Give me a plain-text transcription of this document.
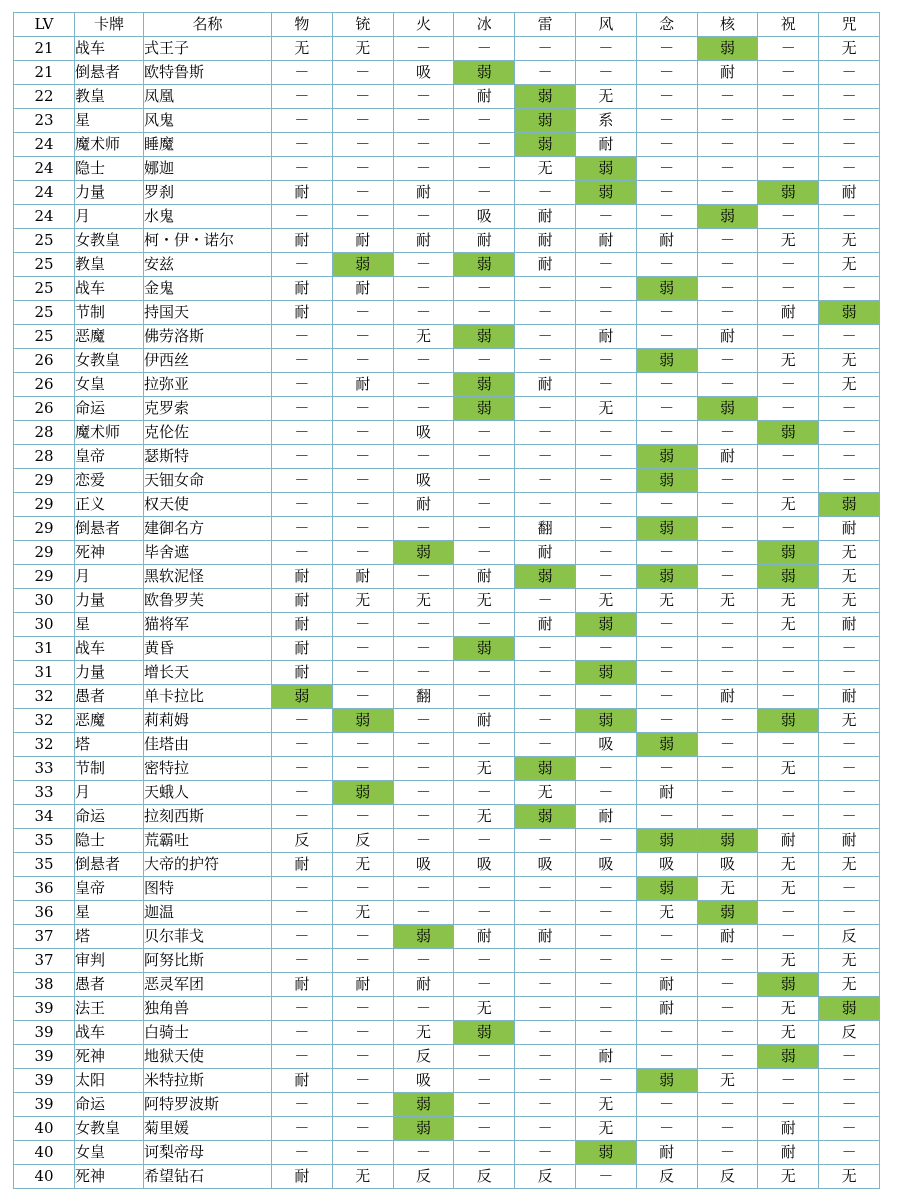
LV	卡牌	名称	物	铳	火	冰	雷	风	念	核	祝	咒
21	战车	式王子	无	无	－	－	－	－	－	弱	－	无
21	倒悬者	欧特鲁斯	－	－	吸	弱	－	－	－	耐	－	－
22	教皇	凤凰	－	－	－	耐	弱	无	－	－	－	－
23	星	风鬼	－	－	－	－	弱	系	－	－	－	－
24	魔术师	睡魔	－	－	－	－	弱	耐	－	－	－	－
24	隐士	娜迦	－	－	－	－	无	弱	－	－	－	－
24	力量	罗刹	耐	－	耐	－	－	弱	－	－	弱	耐
24	月	水鬼	－	－	－	吸	耐	－	－	弱	－	－
25	女教皇	柯・伊・诺尔	耐	耐	耐	耐	耐	耐	耐	－	无	无
25	教皇	安兹	－	弱	－	弱	耐	－	－	－	－	无
25	战车	金鬼	耐	耐	－	－	－	－	弱	－	－	－
25	节制	持国天	耐	－	－	－	－	－	－	－	耐	弱
25	恶魔	佛劳洛斯	－	－	无	弱	－	耐	－	耐	－	－
26	女教皇	伊西丝	－	－	－	－	－	－	弱	－	无	无
26	女皇	拉弥亚	－	耐	－	弱	耐	－	－	－	－	无
26	命运	克罗索	－	－	－	弱	－	无	－	弱	－	－
28	魔术师	克伦佐	－	－	吸	－	－	－	－	－	弱	－
28	皇帝	瑟斯特	－	－	－	－	－	－	弱	耐	－	－
29	恋爱	天钿女命	－	－	吸	－	－	－	弱	－	－	－
29	正义	权天使	－	－	耐	－	－	－	－	－	无	弱
29	倒悬者	建御名方	－	－	－	－	翻	－	弱	－	－	耐
29	死神	毕舍遮	－	－	弱	－	耐	－	－	－	弱	无
29	月	黑软泥怪	耐	耐	－	耐	弱	－	弱	－	弱	无
30	力量	欧鲁罗芙	耐	无	无	无	－	无	无	无	无	无
30	星	猫将军	耐	－	－	－	耐	弱	－	－	无	耐
31	战车	黄昏	耐	－	－	弱	－	－	－	－	－	－
31	力量	增长天	耐	－	－	－	－	弱	－	－	－	－
32	愚者	单卡拉比	弱	－	翻	－	－	－	－	耐	－	耐
32	恶魔	莉莉姆	－	弱	－	耐	－	弱	－	－	弱	无
32	塔	佳塔由	－	－	－	－	－	吸	弱	－	－	－
33	节制	密特拉	－	－	－	无	弱	－	－	－	无	－
33	月	天蛾人	－	弱	－	－	无	－	耐	－	－	－
34	命运	拉刻西斯	－	－	－	无	弱	耐	－	－	－	－
35	隐士	荒霸吐	反	反	－	－	－	－	弱	弱	耐	耐
35	倒悬者	大帝的护符	耐	无	吸	吸	吸	吸	吸	吸	无	无
36	皇帝	图特	－	－	－	－	－	－	弱	无	无	－
36	星	迦温	－	无	－	－	－	－	无	弱	－	－
37	塔	贝尔菲戈	－	－	弱	耐	耐	－	－	耐	－	反
37	审判	阿努比斯	－	－	－	－	－	－	－	－	无	无
38	愚者	恶灵军团	耐	耐	耐	－	－	－	耐	－	弱	无
39	法王	独角兽	－	－	－	无	－	－	耐	－	无	弱
39	战车	白骑士	－	－	无	弱	－	－	－	－	无	反
39	死神	地狱天使	－	－	反	－	－	耐	－	－	弱	－
39	太阳	米特拉斯	耐	－	吸	－	－	－	弱	无	－	－
39	命运	阿特罗波斯	－	－	弱	－	－	无	－	－	－	－
40	女教皇	菊里媛	－	－	弱	－	－	无	－	－	耐	－
40	女皇	诃梨帝母	－	－	－	－	－	弱	耐	－	耐	－
40	死神	希望钻石	耐	无	反	反	反	－	反	反	无	无
